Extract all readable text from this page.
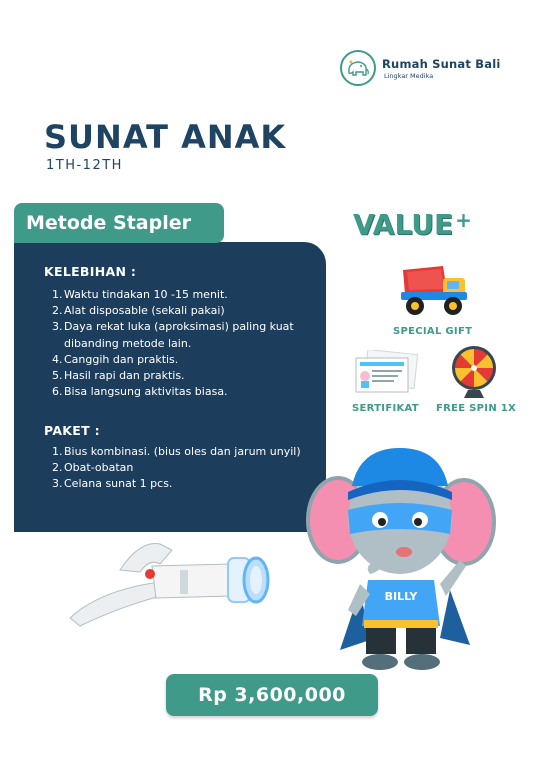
Rumah Sunat Bali
Lingkar Medika
SUNAT ANAK
1TH-12TH
Metode Stapler
KELEBIHAN :
1. Waktu tindakan 10 -15 menit.
2. Alat disposable (sekali pakai)
3. Daya rekat luka (aproksimasi) paling kuat
dibanding metode lain.
4. Canggih dan praktis.
5. Hasil rapi dan praktis.
6. Bisa langsung aktivitas biasa.
PAKET :
1. Bius kombinasi. (bius oles dan jarum unyil)
2. Obat-obatan
3. Celana sunat 1 pcs.
VALUE +
SPECIAL GIFT
SERTIFIKAT FREE SPIN 1X
BILLY
Rp 3,600,000
